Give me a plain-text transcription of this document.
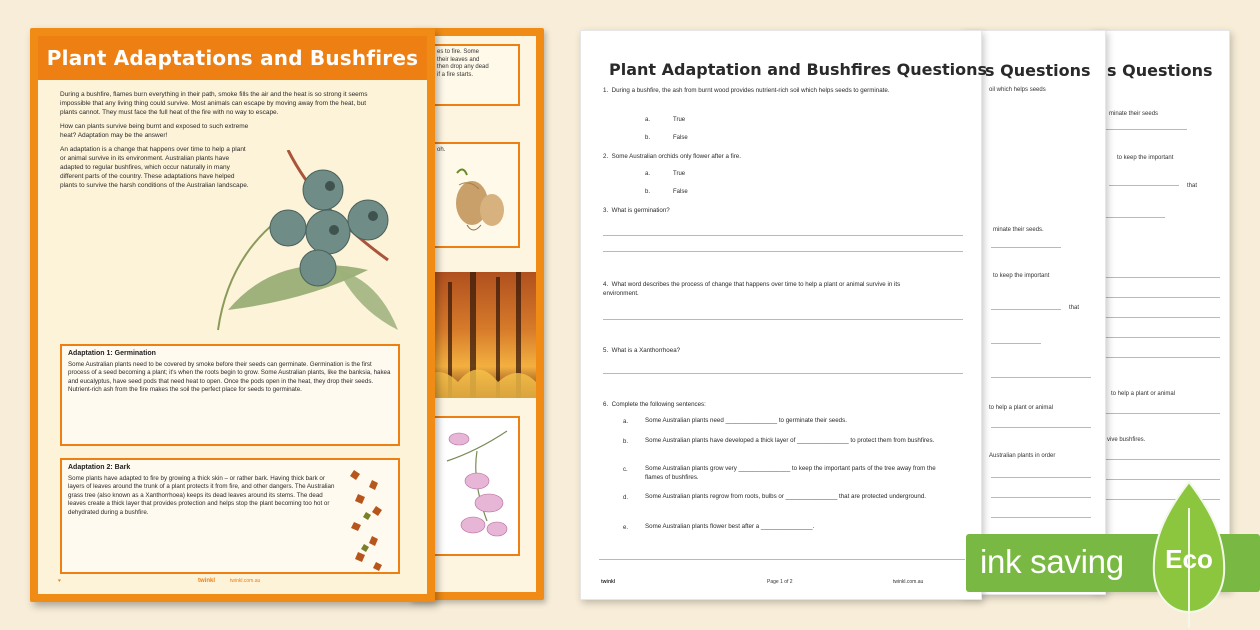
es to fire. Some
their leaves and
then drop any dead
if a fire starts.
oh.
Plant Adaptations and Bushfires

During a bushfire, flames burn everything in their path, smoke fills the air and the heat is so strong it seems impossible that any living thing could survive. Most animals can escape by moving away from the heat, but plants cannot. They must face the full heat of the fire with no way to escape.

How can plants survive being burnt and exposed to such extreme heat? Adaptation may be the answer!

An adaptation is a change that happens over time to help a plant or animal survive in its environment. Australian plants have adapted to regular bushfires, which occur naturally in many different parts of the country. These adaptations have helped plants to survive the harsh conditions of the Australian landscape.

Adaptation 1: Germination
Some Australian plants need to be covered by smoke before their seeds can germinate. Germination is the first process of a seed becoming a plant; it's when the roots begin to grow. Some Australian plants, like the banksia, hakea and eucalyptus, have seed pods that need heat to open. Once the pods open in the heat, they drop their seeds. Nutrient-rich ash from the fire makes the soil the perfect place for seeds to germinate.
Adaptation 2: Bark
Some plants have adapted to fire by growing a thick skin – or rather bark. Having thick bark or layers of leaves around the trunk of a plant protects it from fire, and other dangers. The Australian grass tree (also known as a Xanthorrhoea) keeps its dead leaves around its stems. The dead leaves create a thick layer that provides protection and helps stop the plant becoming too hot or dehydrated during a bushfire.
♥	twinkl	twinkl.com.au
s Questions
minate their seeds
to keep the important
that
to help a plant or animal
vive bushfires.
s Questions
oil which helps seeds
minate their seeds.
to keep the important
that
to help a plant or animal
Australian plants in order
Plant Adaptation and Bushfires Questions
1. During a bushfire, the ash from burnt wood provides nutrient-rich soil which helps seeds to germinate.
a.	True
b.	False
2. Some Australian orchids only flower after a fire.
a.	True
b.	False
3. What is germination?
4. What word describes the process of change that happens over time to help a plant or animal survive in its environment.
5. What is a Xanthorrhoea?
6. Complete the following sentences:
a.	Some Australian plants need _______________ to germinate their seeds.
b.	Some Australian plants have developed a thick layer of _______________ to protect them from bushfires.
c.	Some Australian plants grow very _______________ to keep the important parts of the tree away from the flames of bushfires.
d.	Some Australian plants regrow from roots, bulbs or _______________ that are protected underground.
e.	Some Australian plants flower best after a _______________.
twinkl	Page 1 of 2	twinkl.com.au
ink saving	Eco
